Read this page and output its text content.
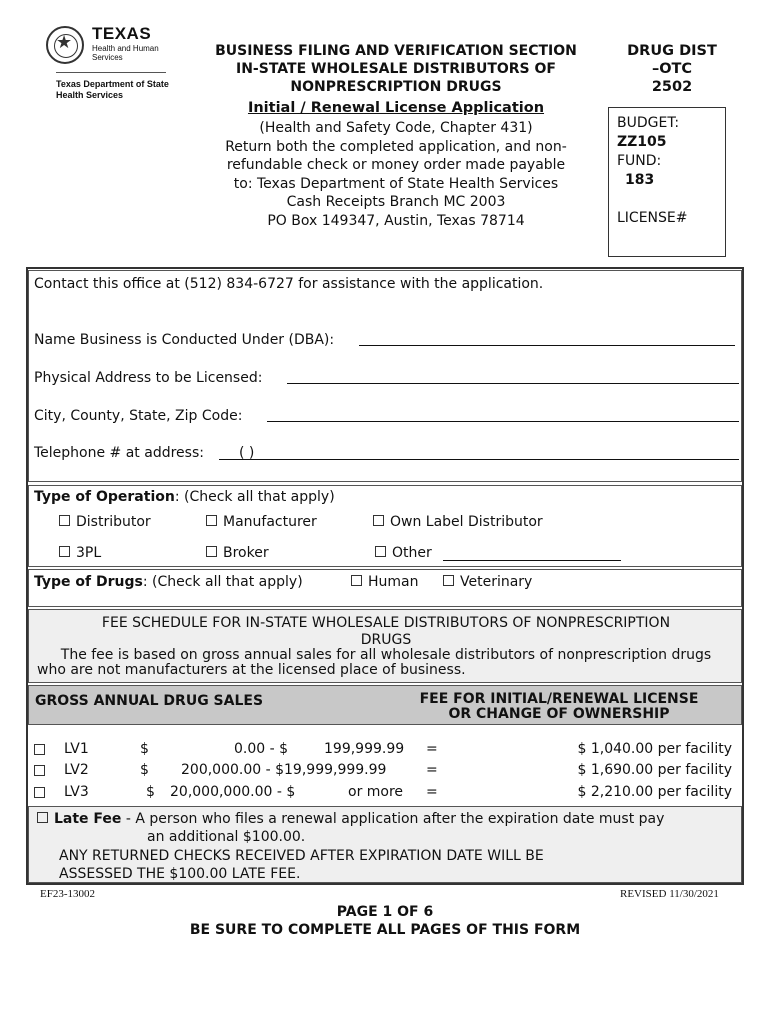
★ TEXAS
Health and Human Services
Texas Department of State Health Services
BUSINESS FILING AND VERIFICATION SECTION
IN-STATE WHOLESALE DISTRIBUTORS OF
NONPRESCRIPTION DRUGS
Initial / Renewal License Application
(Health and Safety Code, Chapter 431)
Return both the completed application, and non-
refundable check or money order made payable
to: Texas Department of State Health Services
Cash Receipts Branch MC 2003
PO Box 149347, Austin, Texas 78714
DRUG DIST
–OTC
2502
BUDGET:
ZZ105
FUND:
183
LICENSE#
Contact this office at (512) 834-6727 for assistance with the application.
Name Business is Conducted Under (DBA):
Physical Address to be Licensed:
City, County, State, Zip Code:
Telephone # at address:	( )
Type of Operation: (Check all that apply)
Distributor	Manufacturer	Own Label Distributor
3PL	Broker	Other
Type of Drugs: (Check all that apply)	Human	Veterinary
FEE SCHEDULE FOR IN-STATE WHOLESALE DISTRIBUTORS OF NONPRESCRIPTION
DRUGS
The fee is based on gross annual sales for all wholesale distributors of nonprescription drugs
who are not manufacturers at the licensed place of business.
GROSS ANNUAL DRUG SALES	FEE FOR INITIAL/RENEWAL LICENSE
OR CHANGE OF OWNERSHIP
LV1	$	0.00 - $	199,999.99 =	$ 1,040.00 per facility
LV2	$ 200,000.00 - $19,999,999.99	=	$ 1,690.00 per facility
LV3	$ 20,000,000.00 - $	or more =	$ 2,210.00 per facility
Late Fee - A person who files a renewal application after the expiration date must pay
an additional $100.00.
ANY RETURNED CHECKS RECEIVED AFTER EXPIRATION DATE WILL BE
ASSESSED THE $100.00 LATE FEE.
EF23-13002	REVISED 11/30/2021
PAGE 1 OF 6
BE SURE TO COMPLETE ALL PAGES OF THIS FORM
